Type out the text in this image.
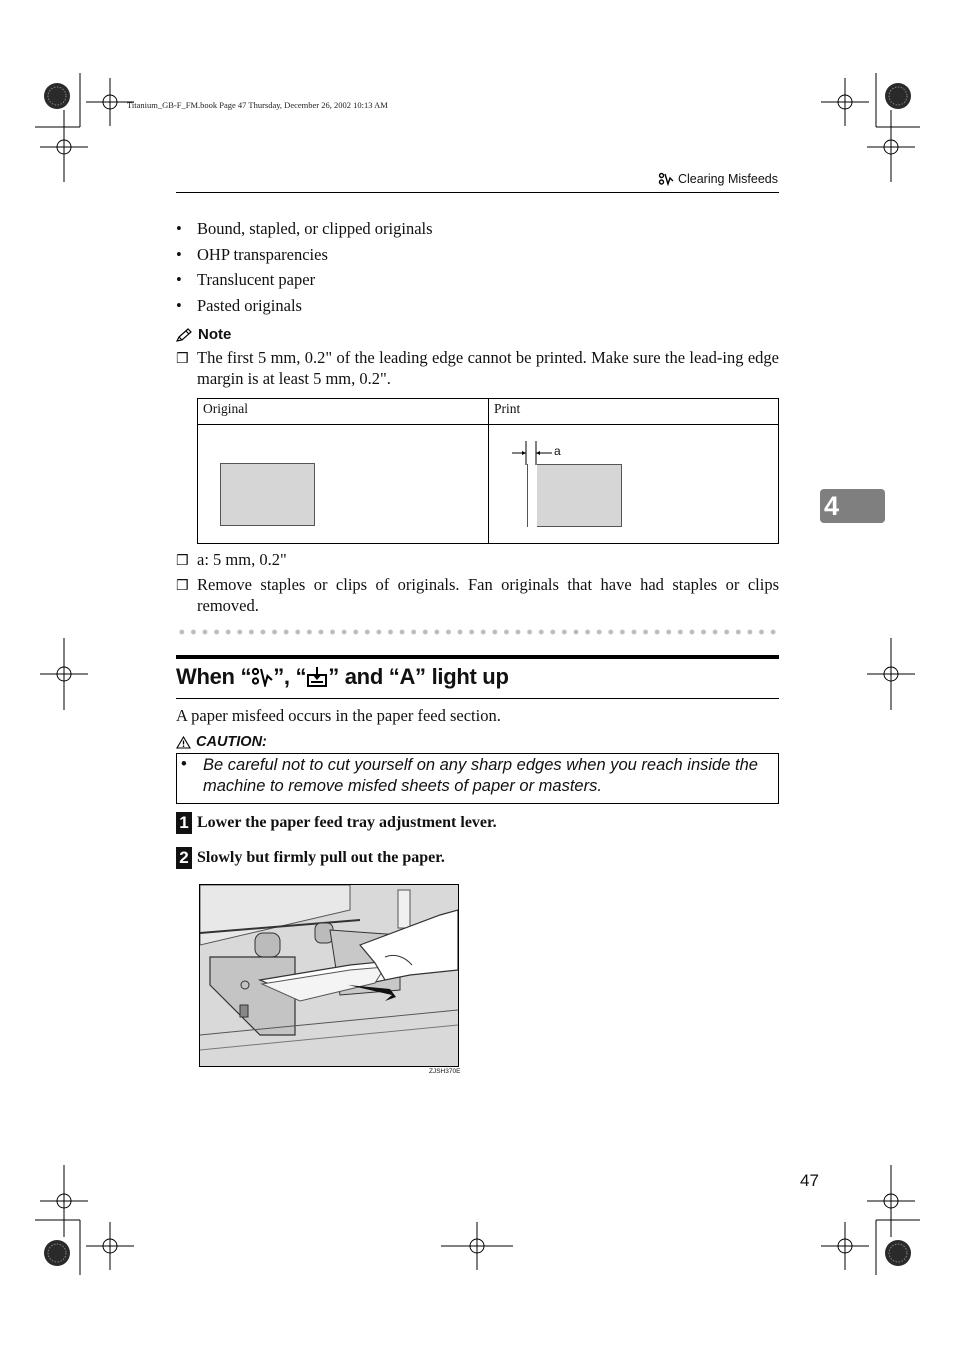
Titanium_GB-F_FM.book Page 47 Thursday, December 26, 2002 10:13 AM
Clearing Misfeeds
• Bound, stapled, or clipped originals
• OHP transparencies
• Translucent paper
• Pasted originals
Note
❒ The first 5 mm, 0.2" of the leading edge cannot be printed. Make sure the lead-ing edge margin is at least 5 mm, 0.2".
Original	Print
a
❒ a: 5 mm, 0.2"
❒ Remove staples or clips of originals. Fan originals that have had staples or clips removed.
When “ ”, “ ” and “A” light up
A paper misfeed occurs in the paper feed section.
CAUTION:
• Be careful not to cut yourself on any sharp edges when you reach inside the machine to remove misfed sheets of paper or masters.
1 Lower the paper feed tray adjustment lever.
2 Slowly but firmly pull out the paper.
ZJSH370E
4
47
